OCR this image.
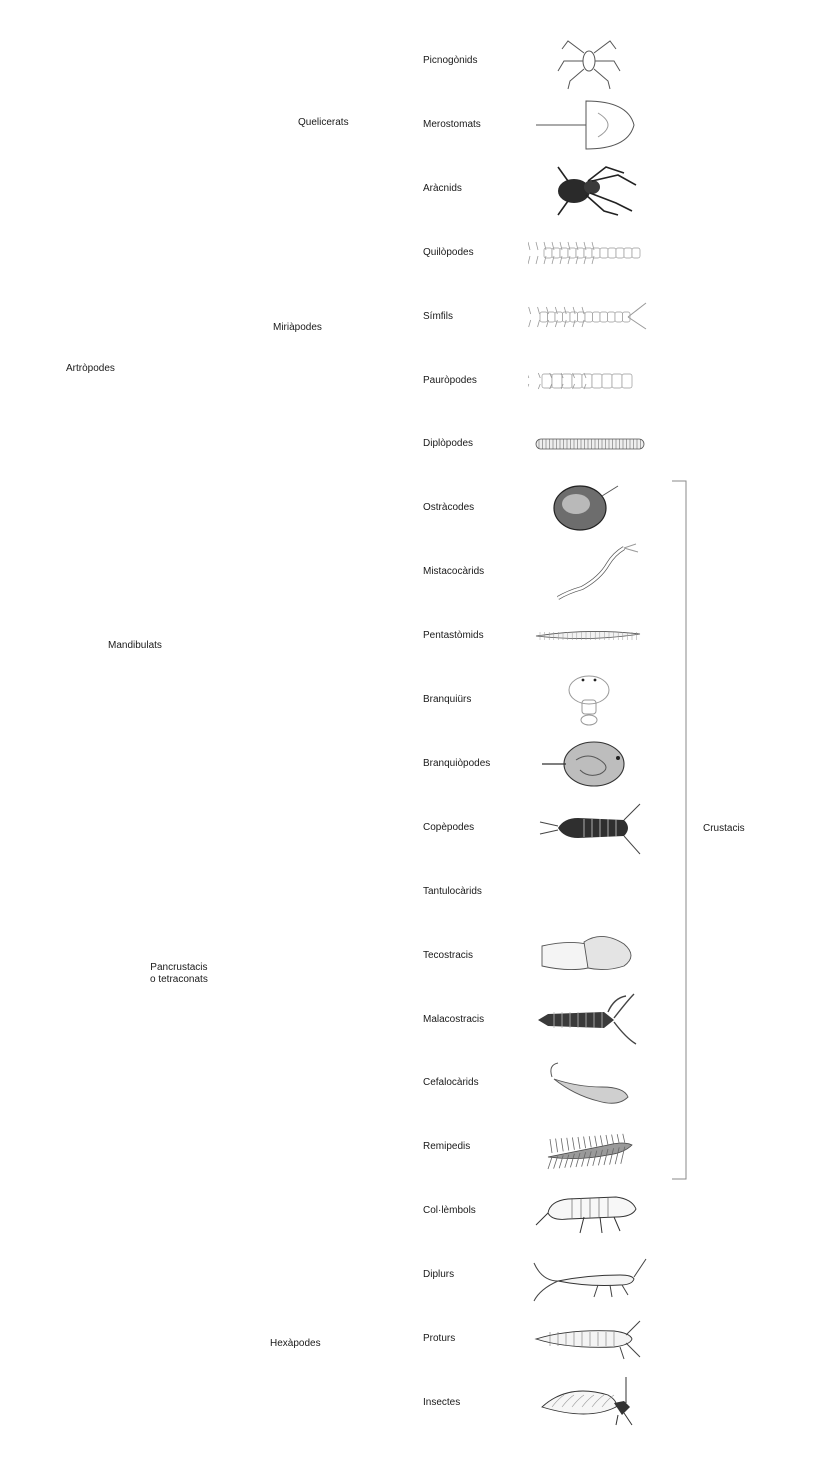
Artròpodes
Quelicerats
Miriàpodes
Mandibulats
Pancrustacis
o tetraconats
Hexàpodes
Picnogònids
Merostomats
Aràcnids
Quilòpodes
Símfils
Pauròpodes
Diplòpodes
Ostràcodes
Mistacocàrids
Pentastòmids
Branquiürs
Branquiòpodes
Copèpodes
Tantulocàrids
Tecostracis
Malacostracis
Cefalocàrids
Remipedis
Col·lèmbols
Diplurs
Proturs
Insectes
Crustacis
